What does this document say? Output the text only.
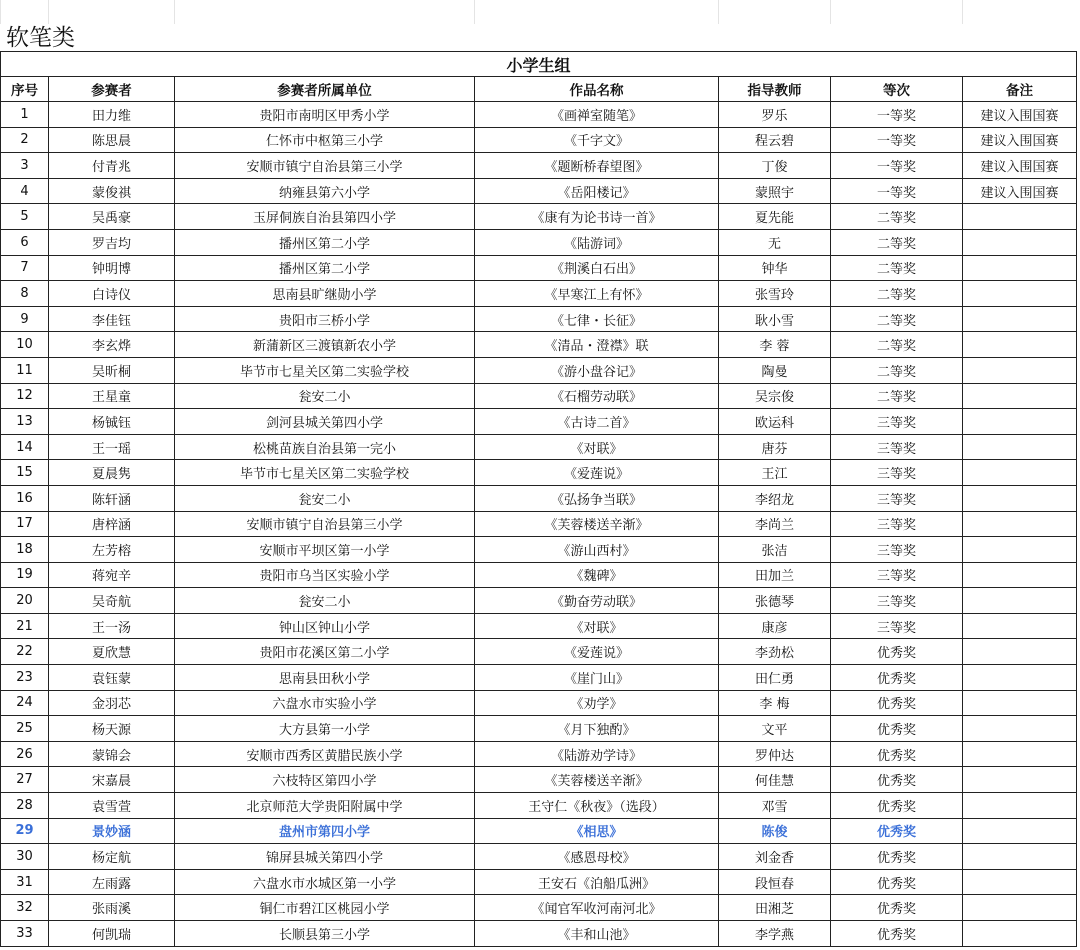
软笔类
小学生组						
序号	参赛者	参赛者所属单位	作品名称	指导教师	等次	备注
1	田力维	贵阳市南明区甲秀小学	《画禅室随笔》	罗乐	一等奖	建议入围国赛
2	陈思晨	仁怀市中枢第三小学	《千字文》	程云碧	一等奖	建议入围国赛
3	付青兆	安顺市镇宁自治县第三小学	《题断桥春望图》	丁俊	一等奖	建议入围国赛
4	蒙俊祺	纳雍县第六小学	《岳阳楼记》	蒙照宇	一等奖	建议入围国赛
5	吴禹豪	玉屏侗族自治县第四小学	《康有为论书诗一首》	夏先能	二等奖	
6	罗吉均	播州区第二小学	《陆游词》	无	二等奖	
7	钟明博	播州区第二小学	《荆溪白石出》	钟华	二等奖	
8	白诗仪	思南县旷继勋小学	《早寒江上有怀》	张雪玲	二等奖	
9	李佳钰	贵阳市三桥小学	《七律・长征》	耿小雪	二等奖	
10	李玄烨	新蒲新区三渡镇新农小学	《清品・澄襟》联	李 蓉	二等奖	
11	吴昕桐	毕节市七星关区第二实验学校	《游小盘谷记》	陶曼	二等奖	
12	王星童	瓮安二小	《石榴劳动联》	吴宗俊	二等奖	
13	杨铖钰	剑河县城关第四小学	《古诗二首》	欧运科	三等奖	
14	王一瑶	松桃苗族自治县第一完小	《对联》	唐芬	三等奖	
15	夏晨隽	毕节市七星关区第二实验学校	《爱莲说》	王江	三等奖	
16	陈轩涵	瓮安二小	《弘扬争当联》	李绍龙	三等奖	
17	唐梓涵	安顺市镇宁自治县第三小学	《芙蓉楼送辛渐》	李尚兰	三等奖	
18	左芳榕	安顺市平坝区第一小学	《游山西村》	张洁	三等奖	
19	蒋宛辛	贵阳市乌当区实验小学	《魏碑》	田加兰	三等奖	
20	吴奇航	瓮安二小	《勤奋劳动联》	张德琴	三等奖	
21	王一汤	钟山区钟山小学	《对联》	康彦	三等奖	
22	夏欣慧	贵阳市花溪区第二小学	《爱莲说》	李劲松	优秀奖	
23	袁钰蒙	思南县田秋小学	《崖门山》	田仁勇	优秀奖	
24	金羽芯	六盘水市实验小学	《劝学》	李 梅	优秀奖	
25	杨天源	大方县第一小学	《月下独酌》	文平	优秀奖	
26	蒙锦会	安顺市西秀区黄腊民族小学	《陆游劝学诗》	罗仲达	优秀奖	
27	宋嘉晨	六枝特区第四小学	《芙蓉楼送辛渐》	何佳慧	优秀奖	
28	袁雪萱	北京师范大学贵阳附属中学	王守仁《秋夜》（选段）	邓雪	优秀奖	
29	景妙涵	盘州市第四小学	《相思》	陈俊	优秀奖	
30	杨定航	锦屏县城关第四小学	《感恩母校》	刘金香	优秀奖	
31	左雨露	六盘水市水城区第一小学	王安石《泊船瓜洲》	段恒春	优秀奖	
32	张雨溪	铜仁市碧江区桃园小学	《闻官军收河南河北》	田湘芝	优秀奖	
33	何凯瑞	长顺县第三小学	《丰和山池》	李学燕	优秀奖	
